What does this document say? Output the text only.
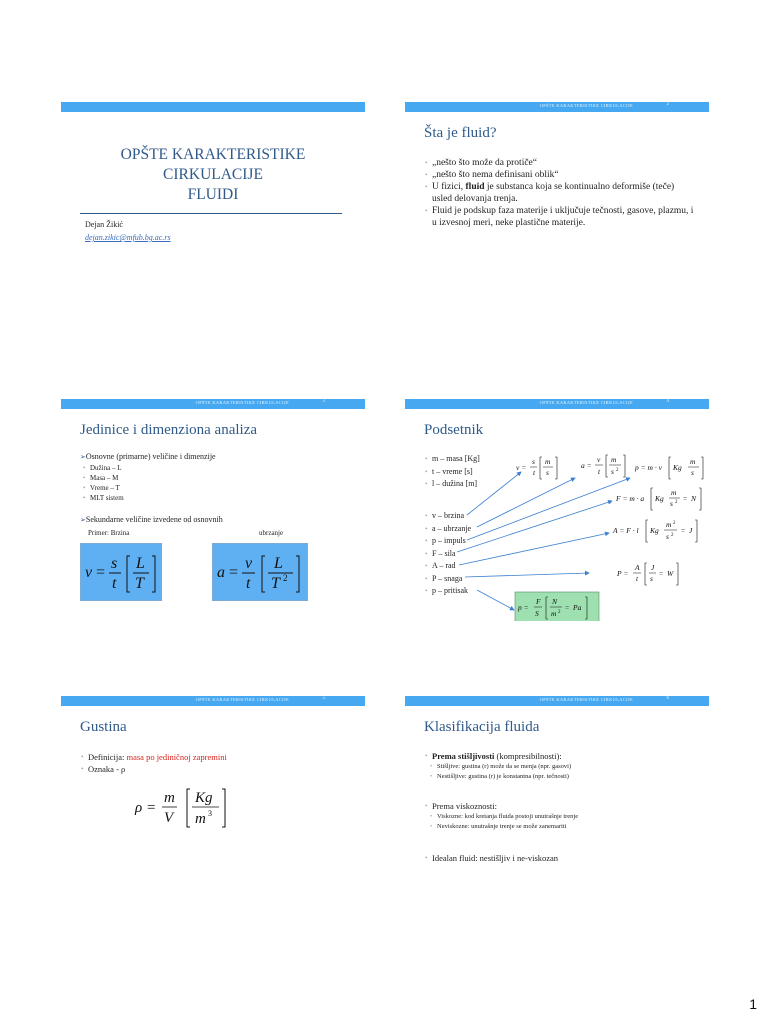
OPŠTE KARAKTERISTIKE
CIRKULACIJE
FLUIDI
Dejan Žikić
dejan.zikic@mfub.bg.ac.rs
OPŠTE KARAKTERISTIKE CIRKULACIJE	2
Šta je fluid?
• „nešto što može da protiče“
• „nešto što nema definisani oblik“
• U fizici, fluid je substanca koja se kontinualno deformiše (teče) usled delovanja trenja.
• Fluid je podskup faza materije i uključuje tečnosti, gasove, plazmu, i u izvesnoj meri, neke plastične materije.
OPŠTE KARAKTERISTIKE CIRKULACIJE	3
Jedinice i dimenziona analiza
➢Osnovne (primarne) veličine i dimenzije
• Dužina – L
• Masa – M
• Vreme – T
• MLT sistem
➢Sekundarne veličine izvedene od osnovnih
Primer: Brzina	ubrzanje
v =
s
t
L
T
a =
v
t
L
T 2
OPŠTE KARAKTERISTIKE CIRKULACIJE	4
Podsetnik
• m – masa [Kg]
• t – vreme [s]
• l – dužina [m]
• v – brzina
• a – ubrzanje
• p – impuls
• F – sila
• A – rad
• P – snaga
• p – pritisak
v =
s
t
m
s
a =
v
t
m
s 2 p = m · v Kg
m
s
F = m · a Kg
m
s 2 = N
A = F · l Kg
m 2
s 2
= J
P =
A
t
J
s
= W
p =
F
S
N
m 2
= Pa
OPŠTE KARAKTERISTIKE CIRKULACIJE	5
Gustina
• Definicija: masa po jediničnoj zapremini
• Oznaka - ρ
ρ =
m
V
Kg
m 3
OPŠTE KARAKTERISTIKE CIRKULACIJE	6
Klasifikacija fluida
• Prema stišljivosti (kompresibilnosti):
• Stišljive: gustina (r) može da se menja (npr. gasovi)
• Nestišljive: gustina (r) je konstantna (npr. tečnosti)
• Prema viskoznosti:
• Viskozne: kod kretanja fluida postoji unutrašnje trenje
• Neviskozne: unutrašnje trenje se može zanemariti
• Idealan fluid: nestišljiv i ne-viskozan
1
